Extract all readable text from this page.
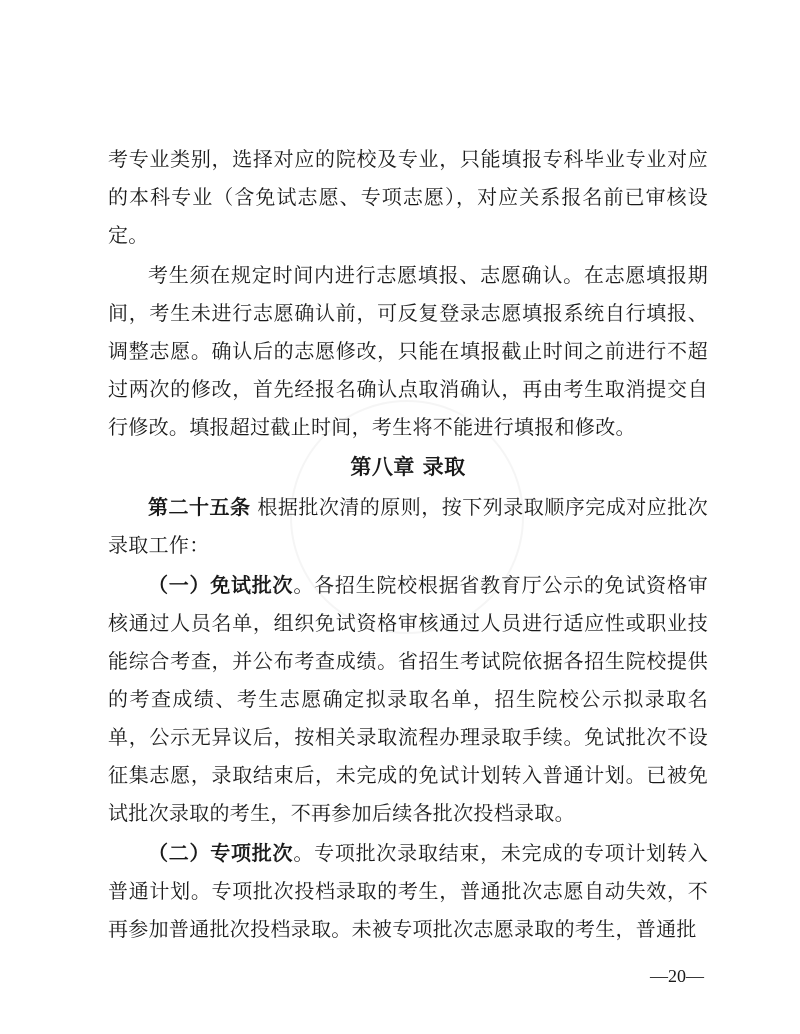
考专业类别，选择对应的院校及专业，只能填报专科毕业专业对应的本科专业（含免试志愿、专项志愿），对应关系报名前已审核设定。

考生须在规定时间内进行志愿填报、志愿确认。在志愿填报期间，考生未进行志愿确认前，可反复登录志愿填报系统自行填报、调整志愿。确认后的志愿修改，只能在填报截止时间之前进行不超过两次的修改，首先经报名确认点取消确认，再由考生取消提交自行修改。填报超过截止时间，考生将不能进行填报和修改。

第八章 录取

第二十五条 根据批次清的原则，按下列录取顺序完成对应批次录取工作：

（一）免试批次。各招生院校根据省教育厅公示的免试资格审核通过人员名单，组织免试资格审核通过人员进行适应性或职业技能综合考查，并公布考查成绩。省招生考试院依据各招生院校提供的考查成绩、考生志愿确定拟录取名单，招生院校公示拟录取名单，公示无异议后，按相关录取流程办理录取手续。免试批次不设征集志愿，录取结束后，未完成的免试计划转入普通计划。已被免试批次录取的考生，不再参加后续各批次投档录取。

（二）专项批次。专项批次录取结束，未完成的专项计划转入普通计划。专项批次投档录取的考生，普通批次志愿自动失效，不再参加普通批次投档录取。未被专项批次志愿录取的考生，普通批

—20—
